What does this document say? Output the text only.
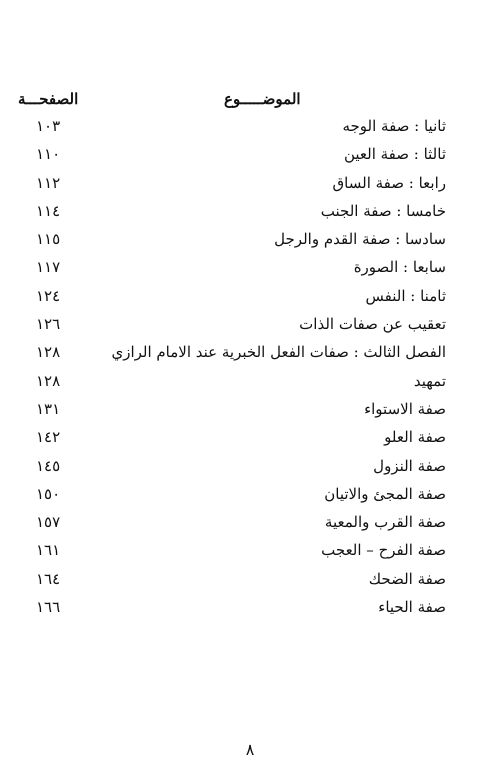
الصفحـــة	الموضـــــوع
ثانيا : صفة الوجه
١٠٣
ثالثا : صفة العين
١١٠
رابعا : صفة الساق
١١٢
خامسا : صفة الجنب
١١٤
سادسا : صفة القدم والرجل
١١٥
سابعا : الصورة
١١٧
ثامنا : النفس
١٢٤
تعقيب عن صفات الذات
١٢٦
الفصل الثالث : صفات الفعل الخبرية عند الامام الرازي
١٢٨
تمهيد
١٢٨
صفة الاستواء
١٣١
صفة العلو
١٤٢
صفة النزول
١٤٥
صفة المجئ والاتيان
١٥٠
صفة القرب والمعية
١٥٧
صفة الفرح – العجب
١٦١
صفة الضحك
١٦٤
صفة الحياء
١٦٦
٨
